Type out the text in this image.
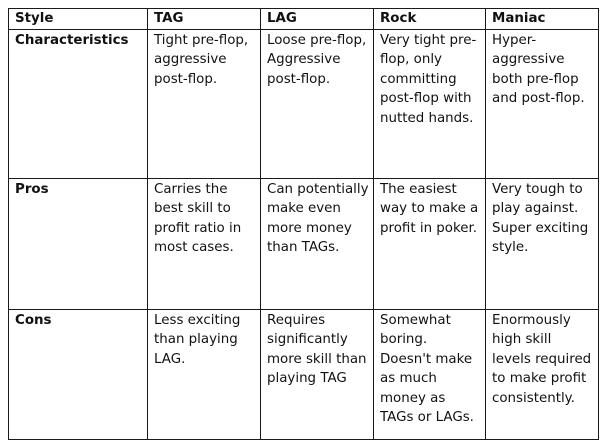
Style	TAG	LAG	Rock	Maniac
Characteristics	Tight pre-flop, aggressive post-flop.	Loose pre-flop, Aggressive post-flop.	Very tight pre-flop, only committing post-flop with nutted hands.	Hyper-aggressive both pre-flop and post-flop.
Pros	Carries the best skill to profit ratio in most cases.	Can potentially make even more money than TAGs.	The easiest way to make a profit in poker.	Very tough to play against. Super exciting style.
Cons	Less exciting than playing LAG.	Requires significantly more skill than playing TAG	Somewhat boring. Doesn't make as much money as TAGs or LAGs.	Enormously high skill levels required to make profit consistently.
